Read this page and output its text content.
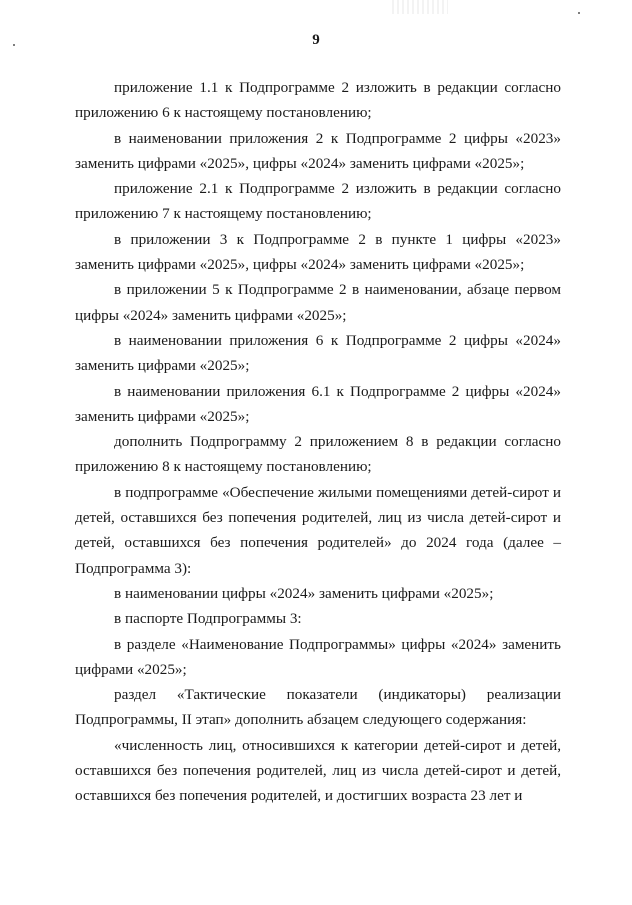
9

приложение 1.1 к Подпрограмме 2 изложить в редакции согласно приложению 6 к настоящему постановлению;

в наименовании приложения 2 к Подпрограмме 2 цифры «2023» заменить цифрами «2025», цифры «2024» заменить цифрами «2025»;

приложение 2.1 к Подпрограмме 2 изложить в редакции согласно приложению 7 к настоящему постановлению;

в приложении 3 к Подпрограмме 2 в пункте 1 цифры «2023» заменить цифрами «2025», цифры «2024» заменить цифрами «2025»;

в приложении 5 к Подпрограмме 2 в наименовании, абзаце первом цифры «2024» заменить цифрами «2025»;

в наименовании приложения 6 к Подпрограмме 2 цифры «2024» заменить цифрами «2025»;

в наименовании приложения 6.1 к Подпрограмме 2 цифры «2024» заменить цифрами «2025»;

дополнить Подпрограмму 2 приложением 8 в редакции согласно приложению 8 к настоящему постановлению;

в подпрограмме «Обеспечение жилыми помещениями детей-сирот и детей, оставшихся без попечения родителей, лиц из числа детей-сирот и детей, оставшихся без попечения родителей» до 2024 года (далее – Подпрограмма 3):

в наименовании цифры «2024» заменить цифрами «2025»;

в паспорте Подпрограммы 3:

в разделе «Наименование Подпрограммы» цифры «2024» заменить цифрами «2025»;

раздел «Тактические показатели (индикаторы) реализации Подпрограммы, II этап» дополнить абзацем следующего содержания:

«численность лиц, относившихся к категории детей-сирот и детей, оставшихся без попечения родителей, лиц из числа детей-сирот и детей, оставшихся без попечения родителей, и достигших возраста 23 лет и
